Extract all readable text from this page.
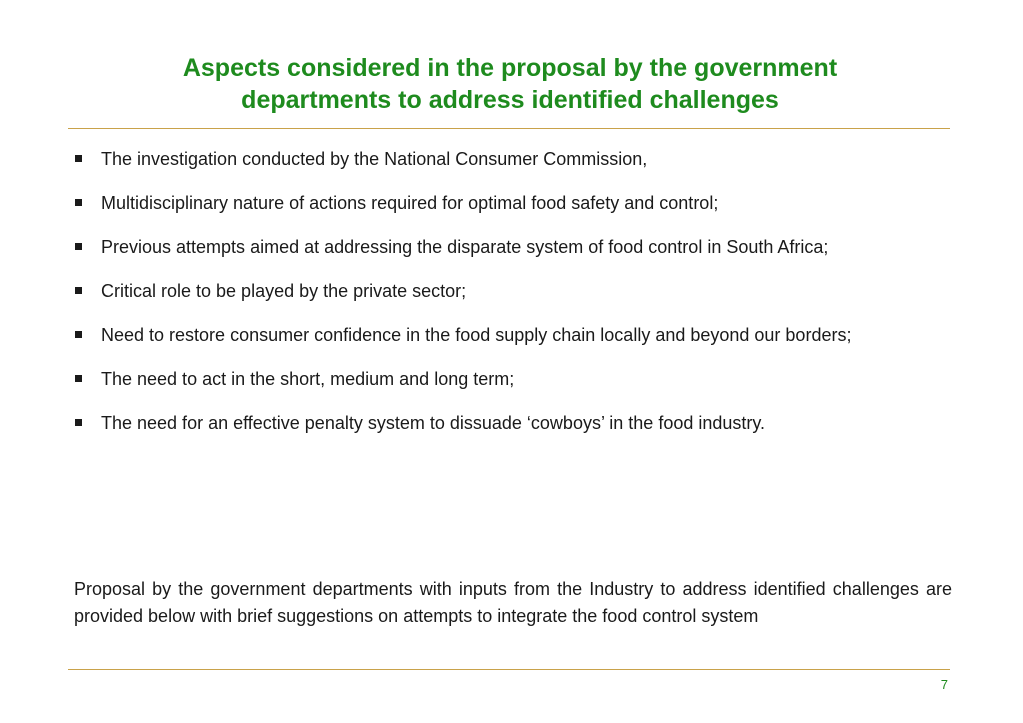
Aspects considered in the proposal by the government
departments to address identified challenges
The investigation conducted by the National Consumer Commission,
Multidisciplinary nature of actions required for optimal food safety and control;
Previous attempts aimed at addressing the disparate system of food control in South Africa;
Critical role to be played by the private sector;
Need to restore consumer confidence in the food supply chain locally and beyond our borders;
The need to act in the short, medium and long term;
The need for an effective penalty system to dissuade ‘cowboys’ in the food industry.

Proposal by the government departments with inputs from the Industry to address identified challenges are provided below with brief suggestions on attempts to integrate the food control system

7
